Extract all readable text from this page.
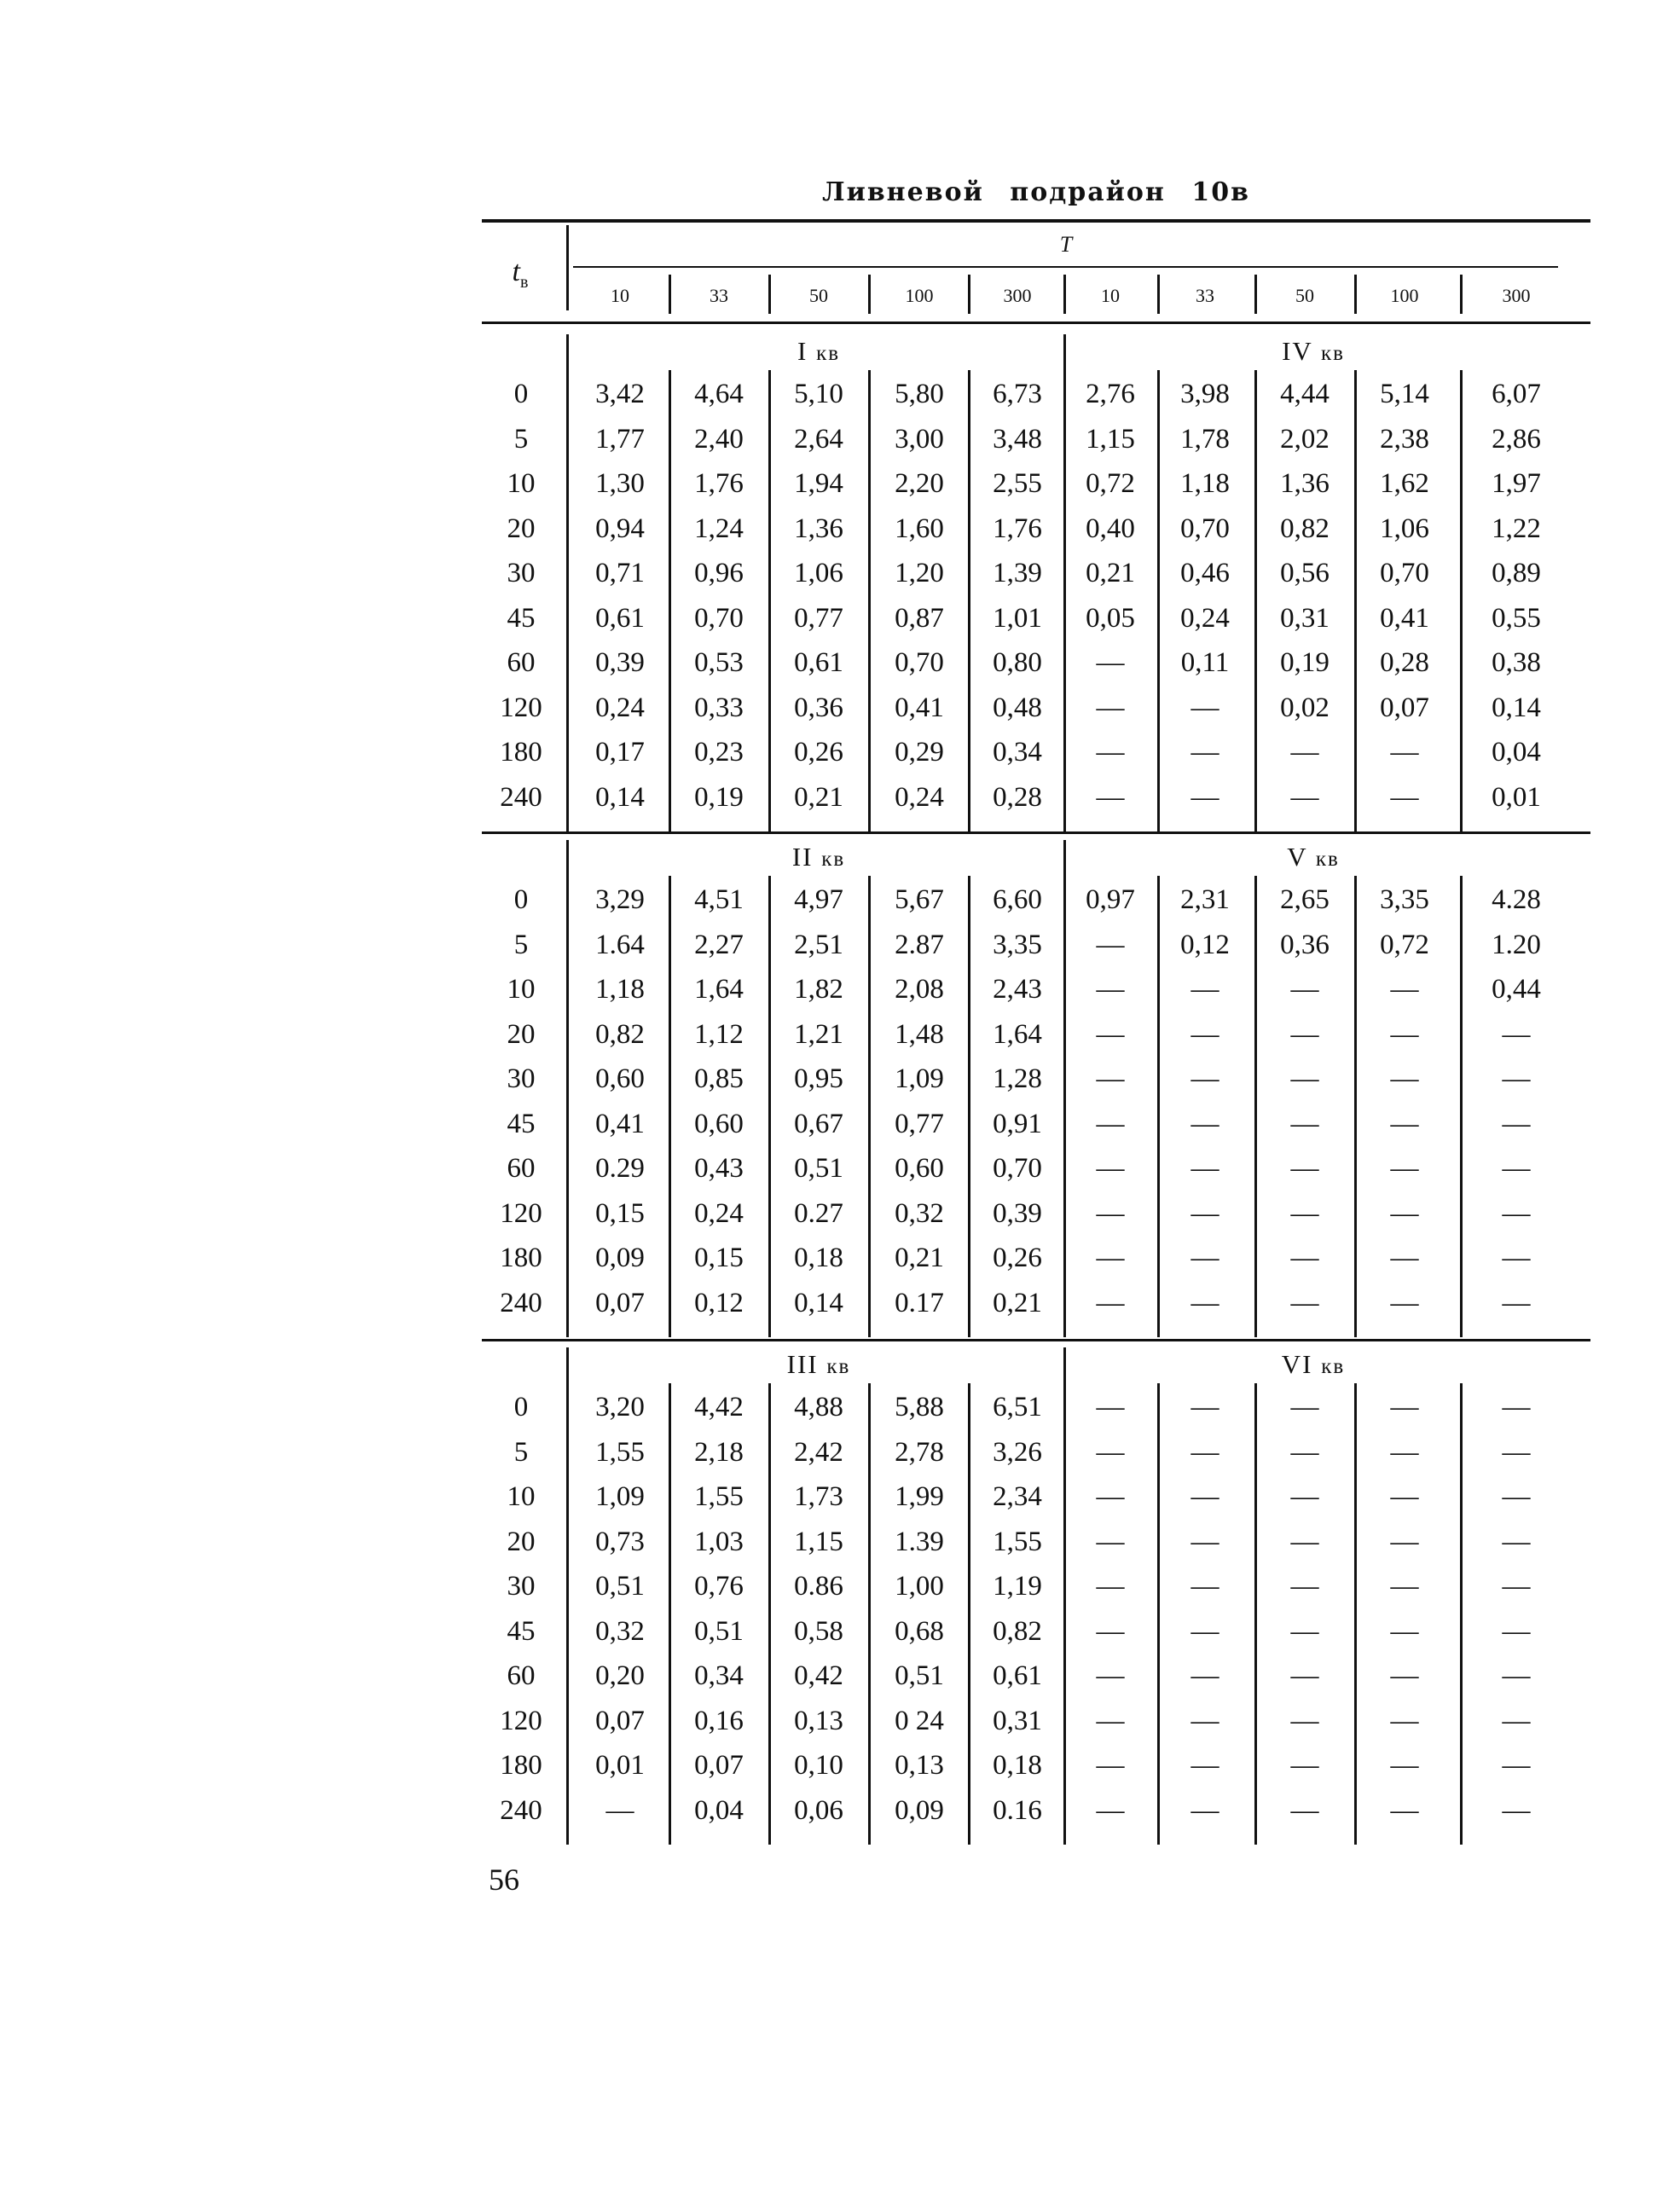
Ливневой подрайон 10в
$t_в$
T
10	33	50	100	300	10	33	50	100	300
I кв	IV кв
0	3,42	4,64	5,10	5,80	6,73	2,76	3,98	4,44	5,14	6,07
5	1,77	2,40	2,64	3,00	3,48	1,15	1,78	2,02	2,38	2,86
10	1,30	1,76	1,94	2,20	2,55	0,72	1,18	1,36	1,62	1,97
20	0,94	1,24	1,36	1,60	1,76	0,40	0,70	0,82	1,06	1,22
30	0,71	0,96	1,06	1,20	1,39	0,21	0,46	0,56	0,70	0,89
45	0,61	0,70	0,77	0,87	1,01	0,05	0,24	0,31	0,41	0,55
60	0,39	0,53	0,61	0,70	0,80	—	0,11	0,19	0,28	0,38
120	0,24	0,33	0,36	0,41	0,48	—	—	0,02	0,07	0,14
180	0,17	0,23	0,26	0,29	0,34	—	—	—	—	0,04
240	0,14	0,19	0,21	0,24	0,28	—	—	—	—	0,01
II кв	V кв
0	3,29	4,51	4,97	5,67	6,60	0,97	2,31	2,65	3,35	4.28
5	1.64	2,27	2,51	2.87	3,35	—	0,12	0,36	0,72	1.20
10	1,18	1,64	1,82	2,08	2,43	—	—	—	—	0,44
20	0,82	1,12	1,21	1,48	1,64	—	—	—	—	—
30	0,60	0,85	0,95	1,09	1,28	—	—	—	—	—
45	0,41	0,60	0,67	0,77	0,91	—	—	—	—	—
60	0.29	0,43	0,51	0,60	0,70	—	—	—	—	—
120	0,15	0,24	0.27	0,32	0,39	—	—	—	—	—
180	0,09	0,15	0,18	0,21	0,26	—	—	—	—	—
240	0,07	0,12	0,14	0.17	0,21	—	—	—	—	—
III кв	VI кв
0	3,20	4,42	4,88	5,88	6,51	—	—	—	—	—
5	1,55	2,18	2,42	2,78	3,26	—	—	—	—	—
10	1,09	1,55	1,73	1,99	2,34	—	—	—	—	—
20	0,73	1,03	1,15	1.39	1,55	—	—	—	—	—
30	0,51	0,76	0.86	1,00	1,19	—	—	—	—	—
45	0,32	0,51	0,58	0,68	0,82	—	—	—	—	—
60	0,20	0,34	0,42	0,51	0,61	—	—	—	—	—
120	0,07	0,16	0,13	0 24	0,31	—	—	—	—	—
180	0,01	0,07	0,10	0,13	0,18	—	—	—	—	—
240	—	0,04	0,06	0,09	0.16	—	—	—	—	—
56
